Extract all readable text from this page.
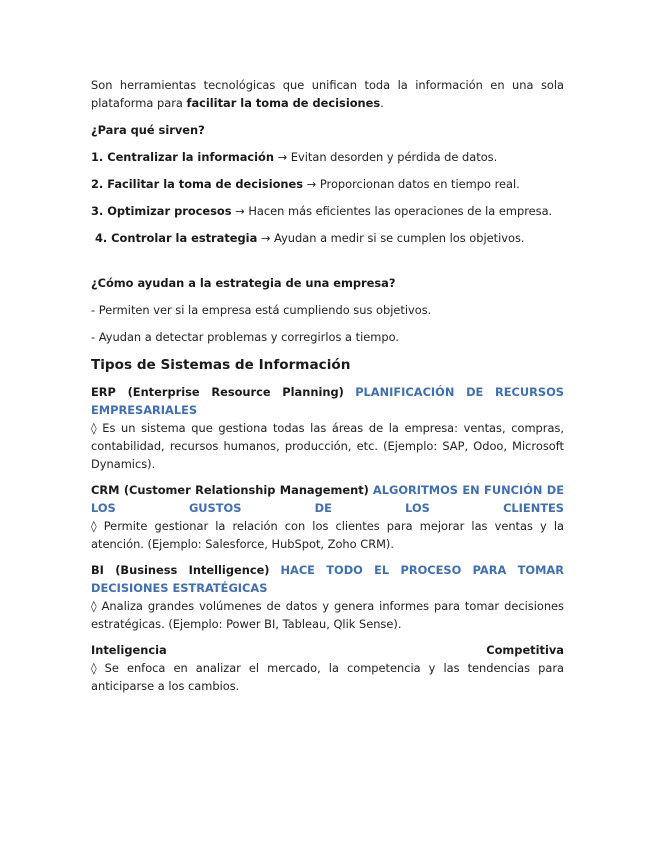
Son herramientas tecnológicas que unifican toda la información en una sola plataforma para facilitar la toma de decisiones.

¿Para qué sirven?

1. Centralizar la información → Evitan desorden y pérdida de datos.

2. Facilitar la toma de decisiones → Proporcionan datos en tiempo real.

3. Optimizar procesos → Hacen más eficientes las operaciones de la empresa.

4. Controlar la estrategia → Ayudan a medir si se cumplen los objetivos.

¿Cómo ayudan a la estrategia de una empresa?

- Permiten ver si la empresa está cumpliendo sus objetivos.

- Ayudan a detectar problemas y corregirlos a tiempo.

Tipos de Sistemas de Información

ERP (Enterprise Resource Planning) PLANIFICACIÓN DE RECURSOS EMPRESARIALES

◊ Es un sistema que gestiona todas las áreas de la empresa: ventas, compras, contabilidad, recursos humanos, producción, etc. (Ejemplo: SAP, Odoo, Microsoft Dynamics).

CRM (Customer Relationship Management) ALGORITMOS EN FUNCIÓN DE LOS GUSTOS DE LOS CLIENTES

◊ Permite gestionar la relación con los clientes para mejorar las ventas y la atención. (Ejemplo: Salesforce, HubSpot, Zoho CRM).

BI (Business Intelligence) HACE TODO EL PROCESO PARA TOMAR DECISIONES ESTRATÉGICAS

◊ Analiza grandes volúmenes de datos y genera informes para tomar decisiones estratégicas. (Ejemplo: Power BI, Tableau, Qlik Sense).

Inteligencia Competitiva

◊ Se enfoca en analizar el mercado, la competencia y las tendencias para anticiparse a los cambios.
